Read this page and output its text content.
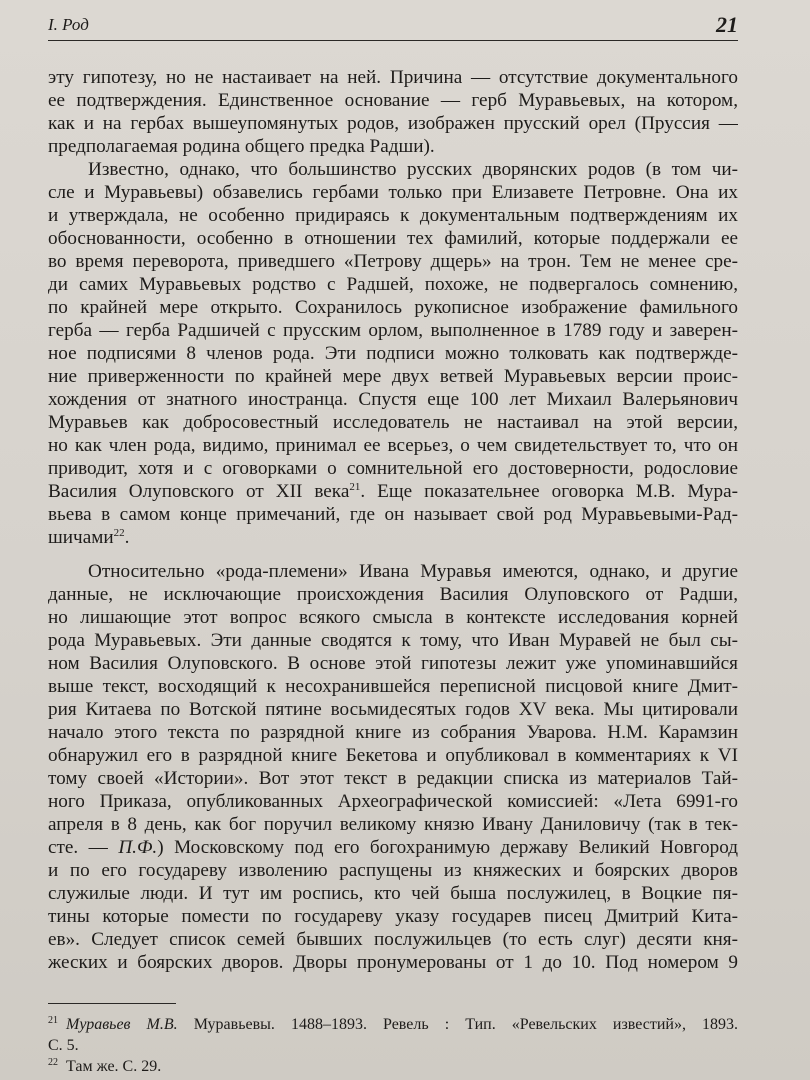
I. Род	21
эту гипотезу, но не настаивает на ней. Причина — отсутствие документального
ее подтверждения. Единственное основание — герб Муравьевых, на котором,
как и на гербах вышеупомянутых родов, изображен прусский орел (Пруссия —
предполагаемая родина общего предка Радши).
Известно, однако, что большинство русских дворянских родов (в том чи-
сле и Муравьевы) обзавелись гербами только при Елизавете Петровне. Она их
и утверждала, не особенно придираясь к документальным подтверждениям их
обоснованности, особенно в отношении тех фамилий, которые поддержали ее
во время переворота, приведшего «Петрову дщерь» на трон. Тем не менее сре-
ди самих Муравьевых родство с Радшей, похоже, не подвергалось сомнению,
по крайней мере открыто. Сохранилось рукописное изображение фамильного
герба — герба Радшичей с прусским орлом, выполненное в 1789 году и заверен-
ное подписями 8 членов рода. Эти подписи можно толковать как подтвержде-
ние приверженности по крайней мере двух ветвей Муравьевых версии проис-
хождения от знатного иностранца. Спустя еще 100 лет Михаил Валерьянович
Муравьев как добросовестный исследователь не настаивал на этой версии,
но как член рода, видимо, принимал ее всерьез, о чем свидетельствует то, что он
приводит, хотя и с оговорками о сомнительной его достоверности, родословие
Василия Олуповского от XII века$^{21}$. Еще показательнее оговорка М.В. Мура-
вьева в самом конце примечаний, где он называет свой род Муравьевыми-Рад-
шичами$^{22}$.
Относительно «рода-племени» Ивана Муравья имеются, однако, и другие
данные, не исключающие происхождения Василия Олуповского от Радши,
но лишающие этот вопрос всякого смысла в контексте исследования корней
рода Муравьевых. Эти данные сводятся к тому, что Иван Муравей не был сы-
ном Василия Олуповского. В основе этой гипотезы лежит уже упоминавшийся
выше текст, восходящий к несохранившейся переписной писцовой книге Дмит-
рия Китаева по Вотской пятине восьмидесятых годов XV века. Мы цитировали
начало этого текста по разрядной книге из собрания Уварова. Н.М. Карамзин
обнаружил его в разрядной книге Бекетова и опубликовал в комментариях к VI
тому своей «Истории». Вот этот текст в редакции списка из материалов Тай-
ного Приказа, опубликованных Археографической комиссией: «Лета 6991-го
апреля в 8 день, как бог поручил великому князю Ивану Даниловичу (так в тек-
сте. — П.Ф.) Московскому под его богохранимую державу Великий Новгород
и по его государеву изволению распущены из княжеских и боярских дворов
служилые люди. И тут им роспись, кто чей быша послужилец, в Воцкие пя-
тины которые помести по государеву указу государев писец Дмитрий Кита-
ев». Следует список семей бывших послужильцев (то есть слуг) десяти кня-
жеских и боярских дворов. Дворы пронумерованы от 1 до 10. Под номером 9
$^{21}$ Муравьев М.В. Муравьевы. 1488–1893. Ревель : Тип. «Ревельских известий», 1893.
С. 5.
$^{22}$ Там же. С. 29.
